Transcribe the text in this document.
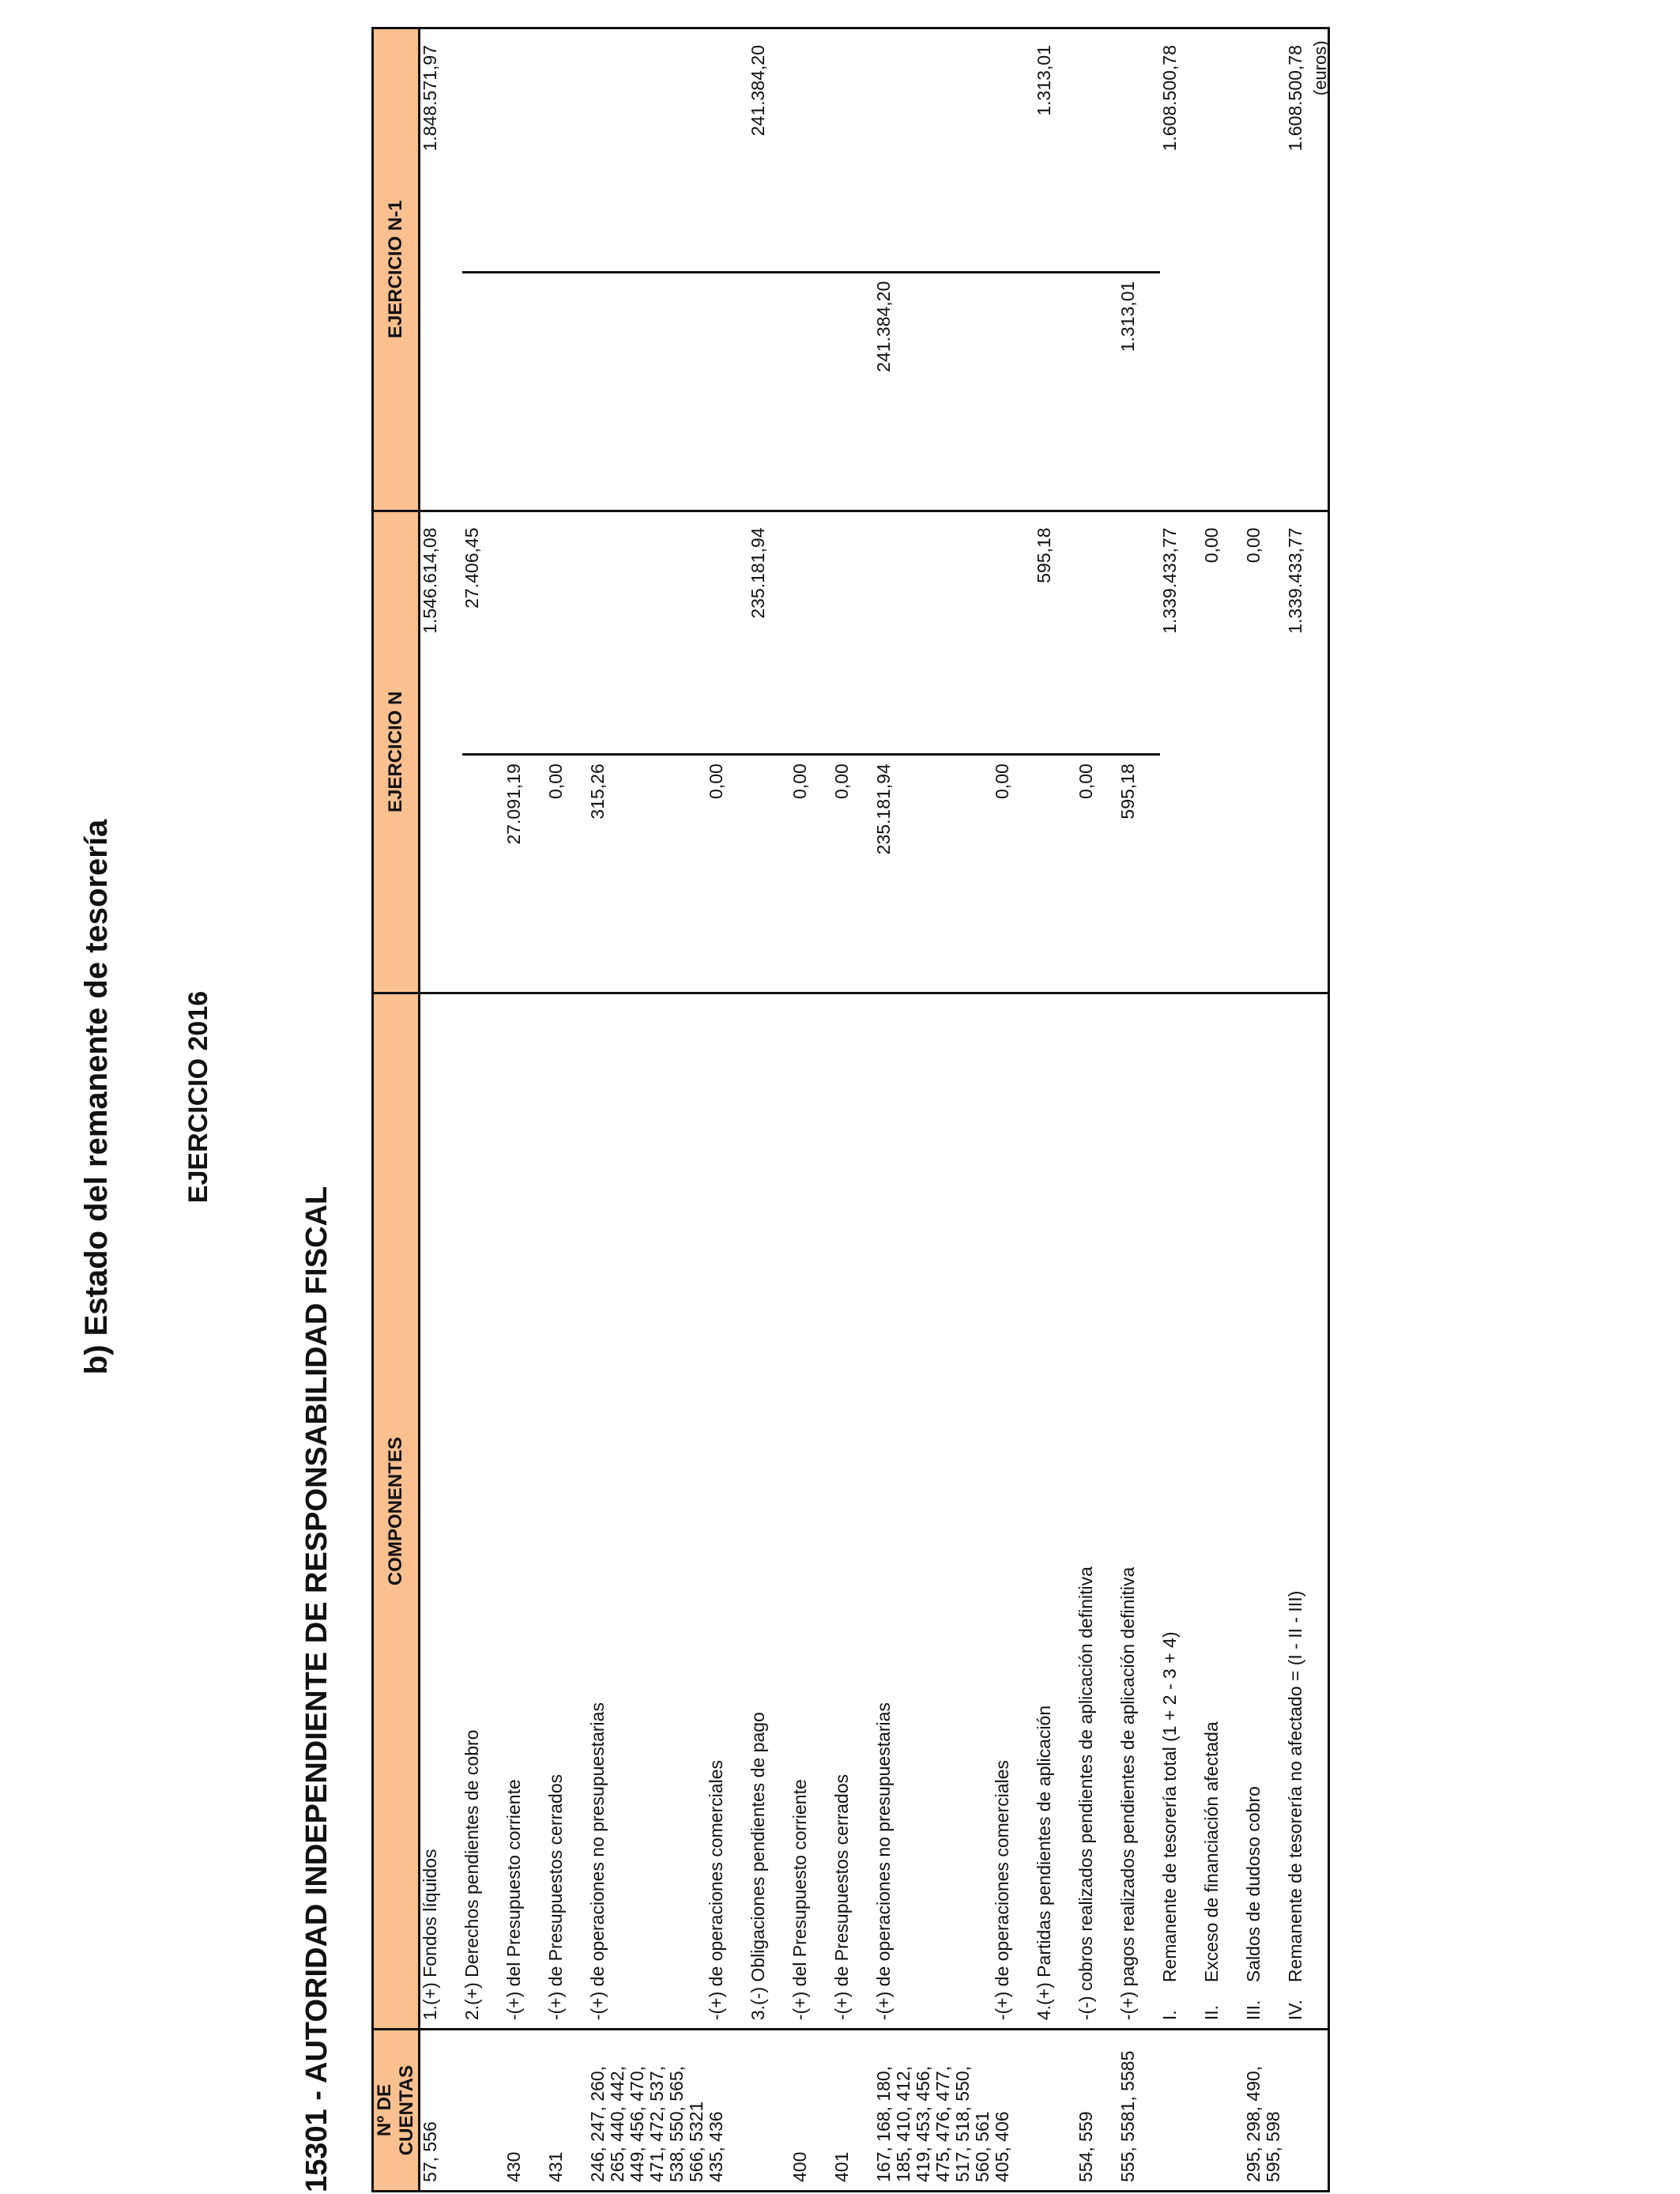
b) Estado del remanente de tesorería	EJERCICIO 2016
15301 - AUTORIDAD INDEPENDIENTE DE RESPONSABILIDAD FISCAL
(euros)
Nº DE CUENTAS	COMPONENTES	EJERCICIO N	EJERCICIO N-1
57, 556	1.(+) Fondos líquidos	1.546.614,08	1.848.571,97

	2.(+) Derechos pendientes de cobro	27.406,45	

430	-(+) del Presupuesto corriente	27.091,19	

431	-(+) de Presupuestos cerrados	0,00	

246, 247, 260, 265, 440, 442, 449, 456, 470, 471, 472, 537, 538, 550, 565, 566, 5321	-(+) de operaciones no presupuestarias	315,26	

435, 436	-(+) de operaciones comerciales	0,00	

	3.(-) Obligaciones pendientes de pago	235.181,94	241.384,20

400	-(+) del Presupuesto corriente	0,00	

401	-(+) de Presupuestos cerrados	0,00	

167, 168, 180, 185, 410, 412, 419, 453, 456, 475, 476, 477, 517, 518, 550, 560, 561	-(+) de operaciones no presupuestarias	235.181,94	241.384,20

405, 406	-(+) de operaciones comerciales	0,00	

	4.(+) Partidas pendientes de aplicación	595,18	1.313,01

554, 559	-(-) cobros realizados pendientes de aplicación definitiva	0,00	

555, 5581, 5585	-(+) pagos realizados pendientes de aplicación definitiva	595,18	1.313,01

	I.Remanente de tesorería total (1 + 2 - 3 + 4)	1.339.433,77	1.608.500,78

	II.Exceso de financiación afectada	0,00	

295, 298, 490, 595, 598	III.Saldos de dudoso cobro	0,00	

	IV.Remanente de tesorería no afectado = (I - II - III)	1.339.433,77	1.608.500,78
